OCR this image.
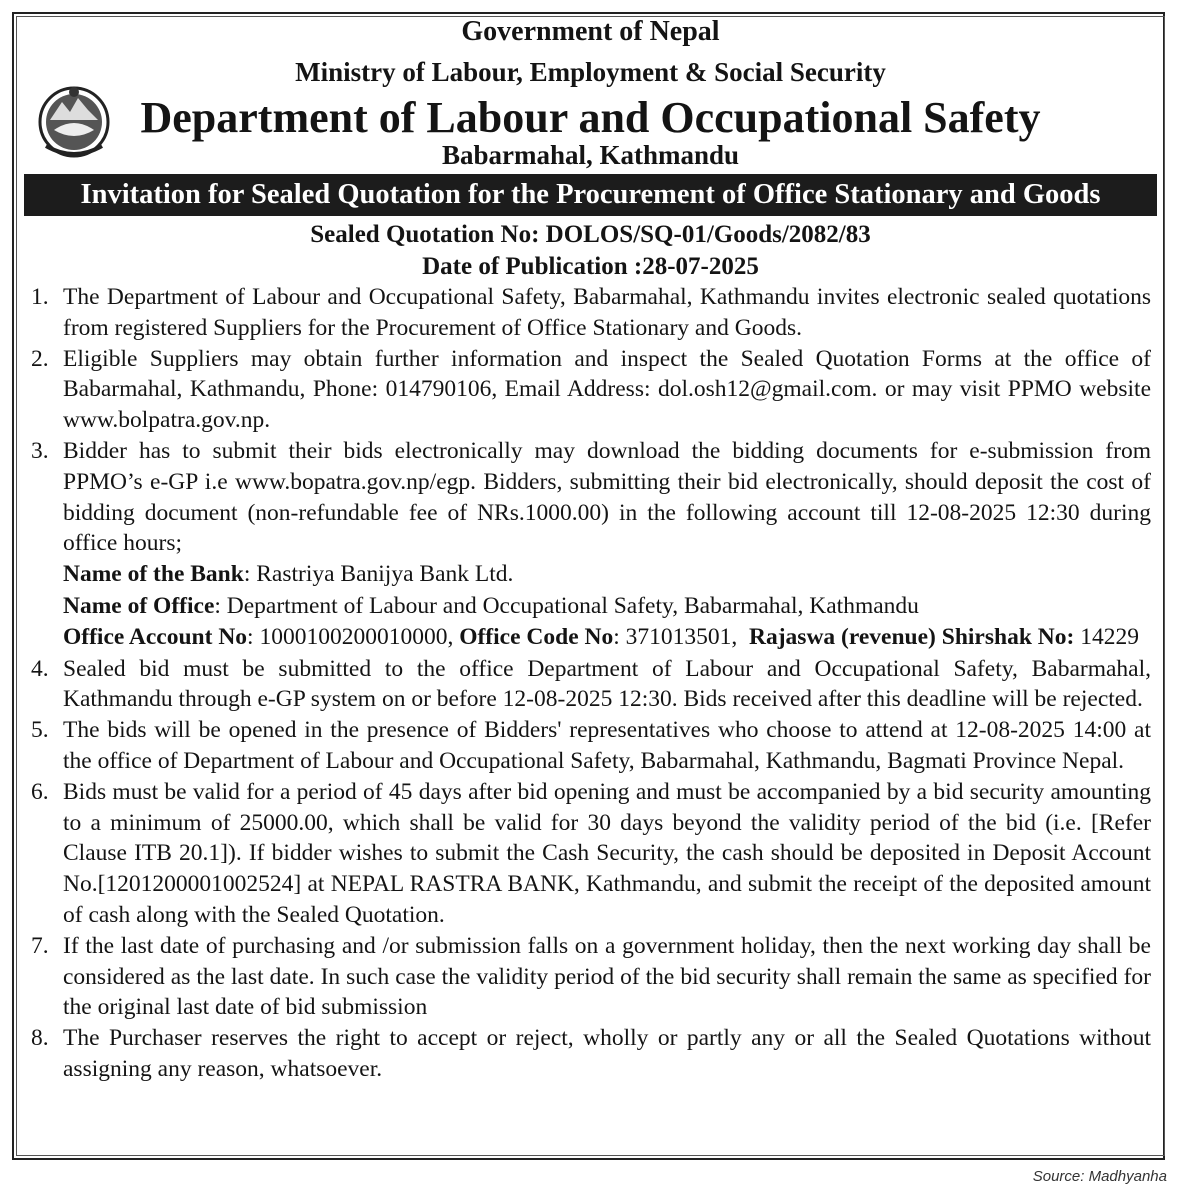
Government of Nepal
Ministry of Labour, Employment & Social Security
Department of Labour and Occupational Safety
Babarmahal, Kathmandu
Invitation for Sealed Quotation for the Procurement of Office Stationary and Goods
Sealed Quotation No: DOLOS/SQ-01/Goods/2082/83
Date of Publication :28-07-2025
1. The Department of Labour and Occupational Safety, Babarmahal, Kathmandu invites electronic sealed quotations from registered Suppliers for the Procurement of Office Stationary and Goods.
2. Eligible Suppliers may obtain further information and inspect the Sealed Quotation Forms at the office of Babarmahal, Kathmandu, Phone: 014790106, Email Address: dol.osh12@gmail.com. or may visit PPMO website www.bolpatra.gov.np.
3. Bidder has to submit their bids electronically may download the bidding documents for e-submission from PPMO’s e-GP i.e www.bopatra.gov.np/egp. Bidders, submitting their bid electronically, should deposit the cost of bidding document (non-refundable fee of NRs.1000.00) in the following account till 12-08-2025 12:30 during office hours;
Name of the Bank: Rastriya Banijya Bank Ltd.
Name of Office: Department of Labour and Occupational Safety, Babarmahal, Kathmandu
Office Account No: 1000100200010000, Office Code No: 371013501,  Rajaswa (revenue) Shirshak No: 14229
4. Sealed bid must be submitted to the office Department of Labour and Occupational Safety, Babarmahal, Kathmandu through e-GP system on or before 12-08-2025 12:30. Bids received after this deadline will be rejected.
5. The bids will be opened in the presence of Bidders' representatives who choose to attend at 12-08-2025 14:00 at the office of Department of Labour and Occupational Safety, Babarmahal, Kathmandu, Bagmati Province Nepal.
6. Bids must be valid for a period of 45 days after bid opening and must be accompanied by a bid security amounting to a minimum of 25000.00, which shall be valid for 30 days beyond the validity period of the bid (i.e. [Refer Clause ITB 20.1]). If bidder wishes to submit the Cash Security, the cash should be deposited in Deposit Account No.[1201200001002524] at NEPAL RASTRA BANK, Kathmandu, and submit the receipt of the deposited amount of cash along with the Sealed Quotation.
7. If the last date of purchasing and /or submission falls on a government holiday, then the next working day shall be considered as the last date. In such case the validity period of the bid security shall remain the same as specified for the original last date of bid submission
8. The Purchaser reserves the right to accept or reject, wholly or partly any or all the Sealed Quotations without assigning any reason, whatsoever.
Source: Madhyanha
